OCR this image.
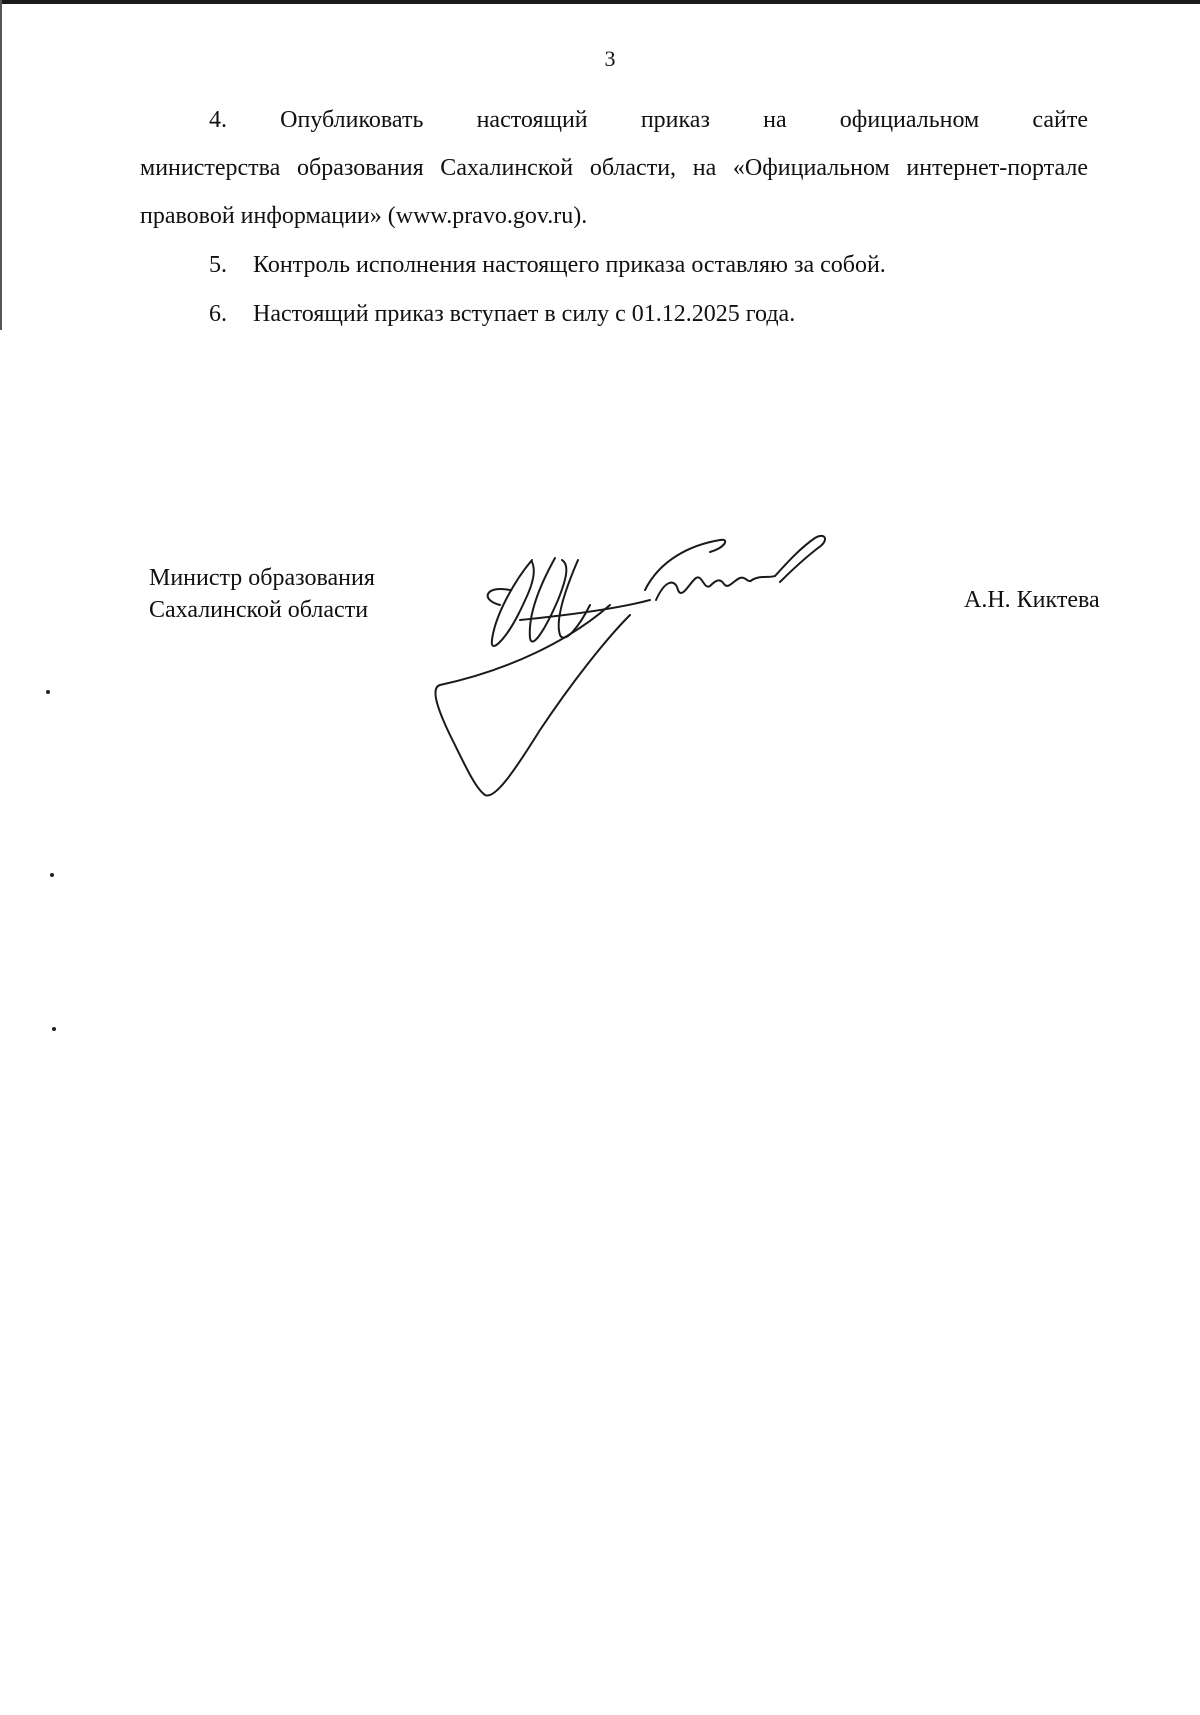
3
4. Опубликовать настоящий приказ на официальном сайте
министерства образования Сахалинской области, на «Официальном интернет-портале правовой информации» (www.pravo.gov.ru).
5. Контроль исполнения настоящего приказа оставляю за собой.
6. Настоящий приказ вступает в силу с 01.12.2025 года.
Министр образования
Сахалинской области	А.Н. Киктева
